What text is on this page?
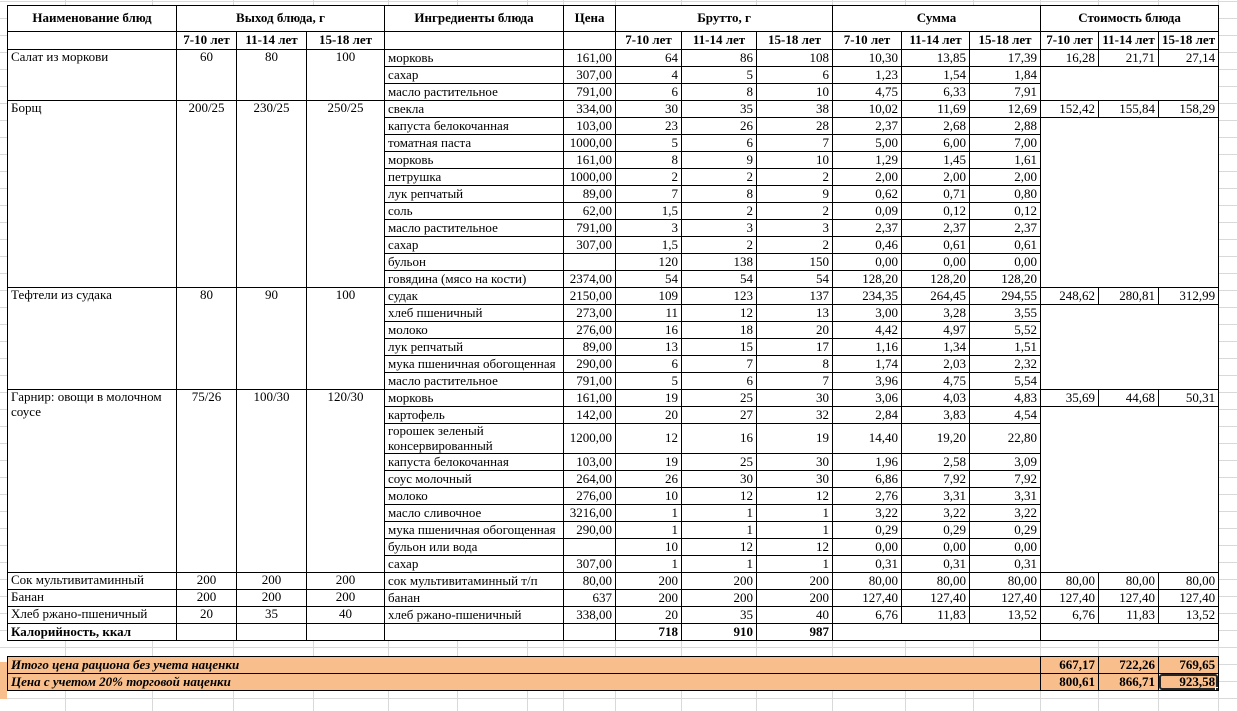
Наименование блюд	Выход блюда, г			Ингредиенты блюда	Цена	Брутто, г			Сумма			Стоимость блюда		
	7-10 лет	11-14 лет	15-18 лет			7-10 лет	11-14 лет	15-18 лет	7-10 лет	11-14 лет	15-18 лет	7-10 лет	11-14 лет	15-18 лет
Салат из моркови	60	80	100	морковь	161,00	64	86	108	10,30	13,85	17,39	16,28	21,71	27,14
				сахар	307,00	4	5	6	1,23	1,54	1,84			
				масло растительное	791,00	6	8	10	4,75	6,33	7,91			
Борщ	200/25	230/25	250/25	свекла	334,00	30	35	38	10,02	11,69	12,69	152,42	155,84	158,29
				капуста белокочанная	103,00	23	26	28	2,37	2,68	2,88			
				томатная паста	1000,00	5	6	7	5,00	6,00	7,00			
				морковь	161,00	8	9	10	1,29	1,45	1,61			
				петрушка	1000,00	2	2	2	2,00	2,00	2,00			
				лук репчатый	89,00	7	8	9	0,62	0,71	0,80			
				соль	62,00	1,5	2	2	0,09	0,12	0,12			
				масло растительное	791,00	3	3	3	2,37	2,37	2,37			
				сахар	307,00	1,5	2	2	0,46	0,61	0,61			
				бульон		120	138	150	0,00	0,00	0,00			
				говядина (мясо на кости)	2374,00	54	54	54	128,20	128,20	128,20			
Тефтели из судака	80	90	100	судак	2150,00	109	123	137	234,35	264,45	294,55	248,62	280,81	312,99
				хлеб пшеничный	273,00	11	12	13	3,00	3,28	3,55			
				молоко	276,00	16	18	20	4,42	4,97	5,52			
				лук репчатый	89,00	13	15	17	1,16	1,34	1,51			
				мука пшеничная обогощенная	290,00	6	7	8	1,74	2,03	2,32			
				масло растительное	791,00	5	6	7	3,96	4,75	5,54			
Гарнир: овощи в молочном соусе	75/26	100/30	120/30	морковь	161,00	19	25	30	3,06	4,03	4,83	35,69	44,68	50,31
				картофель	142,00	20	27	32	2,84	3,83	4,54			
				горошек зеленый консервированный	1200,00	12	16	19	14,40	19,20	22,80			
				капуста белокочанная	103,00	19	25	30	1,96	2,58	3,09			
				соус молочный	264,00	26	30	30	6,86	7,92	7,92			
				молоко	276,00	10	12	12	2,76	3,31	3,31			
				масло сливочное	3216,00	1	1	1	3,22	3,22	3,22			
				мука пшеничная обогощенная	290,00	1	1	1	0,29	0,29	0,29			
				бульон или вода		10	12	12	0,00	0,00	0,00			
				сахар	307,00	1	1	1	0,31	0,31	0,31			
Сок мультивитаминный	200	200	200	сок мультивитаминный т/п	80,00	200	200	200	80,00	80,00	80,00	80,00	80,00	80,00
Банан	200	200	200	банан	637	200	200	200	127,40	127,40	127,40	127,40	127,40	127,40
Хлеб ржано-пшеничный	20	35	40	хлеб ржано-пшеничный	338,00	20	35	40	6,76	11,83	13,52	6,76	11,83	13,52
Калорийность, ккал						718	910	987						

Итого цена рациона без учета наценки												667,17	722,26	769,65
Цена с учетом 20% торговой наценки												800,61	866,71	923,58
